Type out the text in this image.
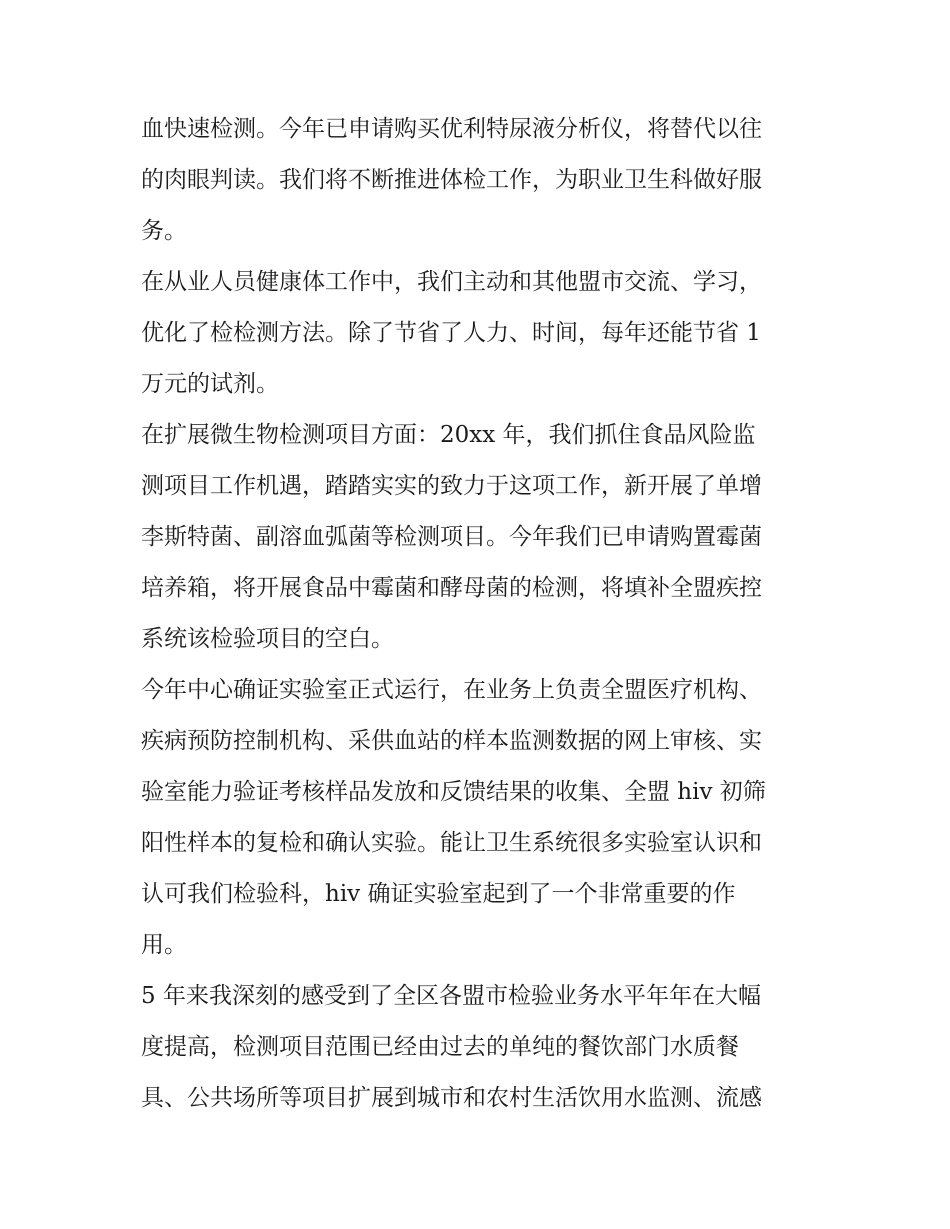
血快速检测。今年已申请购买优利特尿液分析仪，将替代以往
的肉眼判读。我们将不断推进体检工作，为职业卫生科做好服
务。
在从业人员健康体工作中，我们主动和其他盟市交流、学习，
优化了检检测方法。除了节省了人力、时间，每年还能节省 1
万元的试剂。
在扩展微生物检测项目方面：20xx 年，我们抓住食品风险监
测项目工作机遇，踏踏实实的致力于这项工作，新开展了单增
李斯特菌、副溶血弧菌等检测项目。今年我们已申请购置霉菌
培养箱，将开展食品中霉菌和酵母菌的检测，将填补全盟疾控
系统该检验项目的空白。
今年中心确证实验室正式运行，在业务上负责全盟医疗机构、
疾病预防控制机构、采供血站的样本监测数据的网上审核、实
验室能力验证考核样品发放和反馈结果的收集、全盟 hiv 初筛
阳性样本的复检和确认实验。能让卫生系统很多实验室认识和
认可我们检验科，hiv 确证实验室起到了一个非常重要的作
用。
5 年来我深刻的感受到了全区各盟市检验业务水平年年在大幅
度提高，检测项目范围已经由过去的单纯的餐饮部门水质餐
具、公共场所等项目扩展到城市和农村生活饮用水监测、流感
